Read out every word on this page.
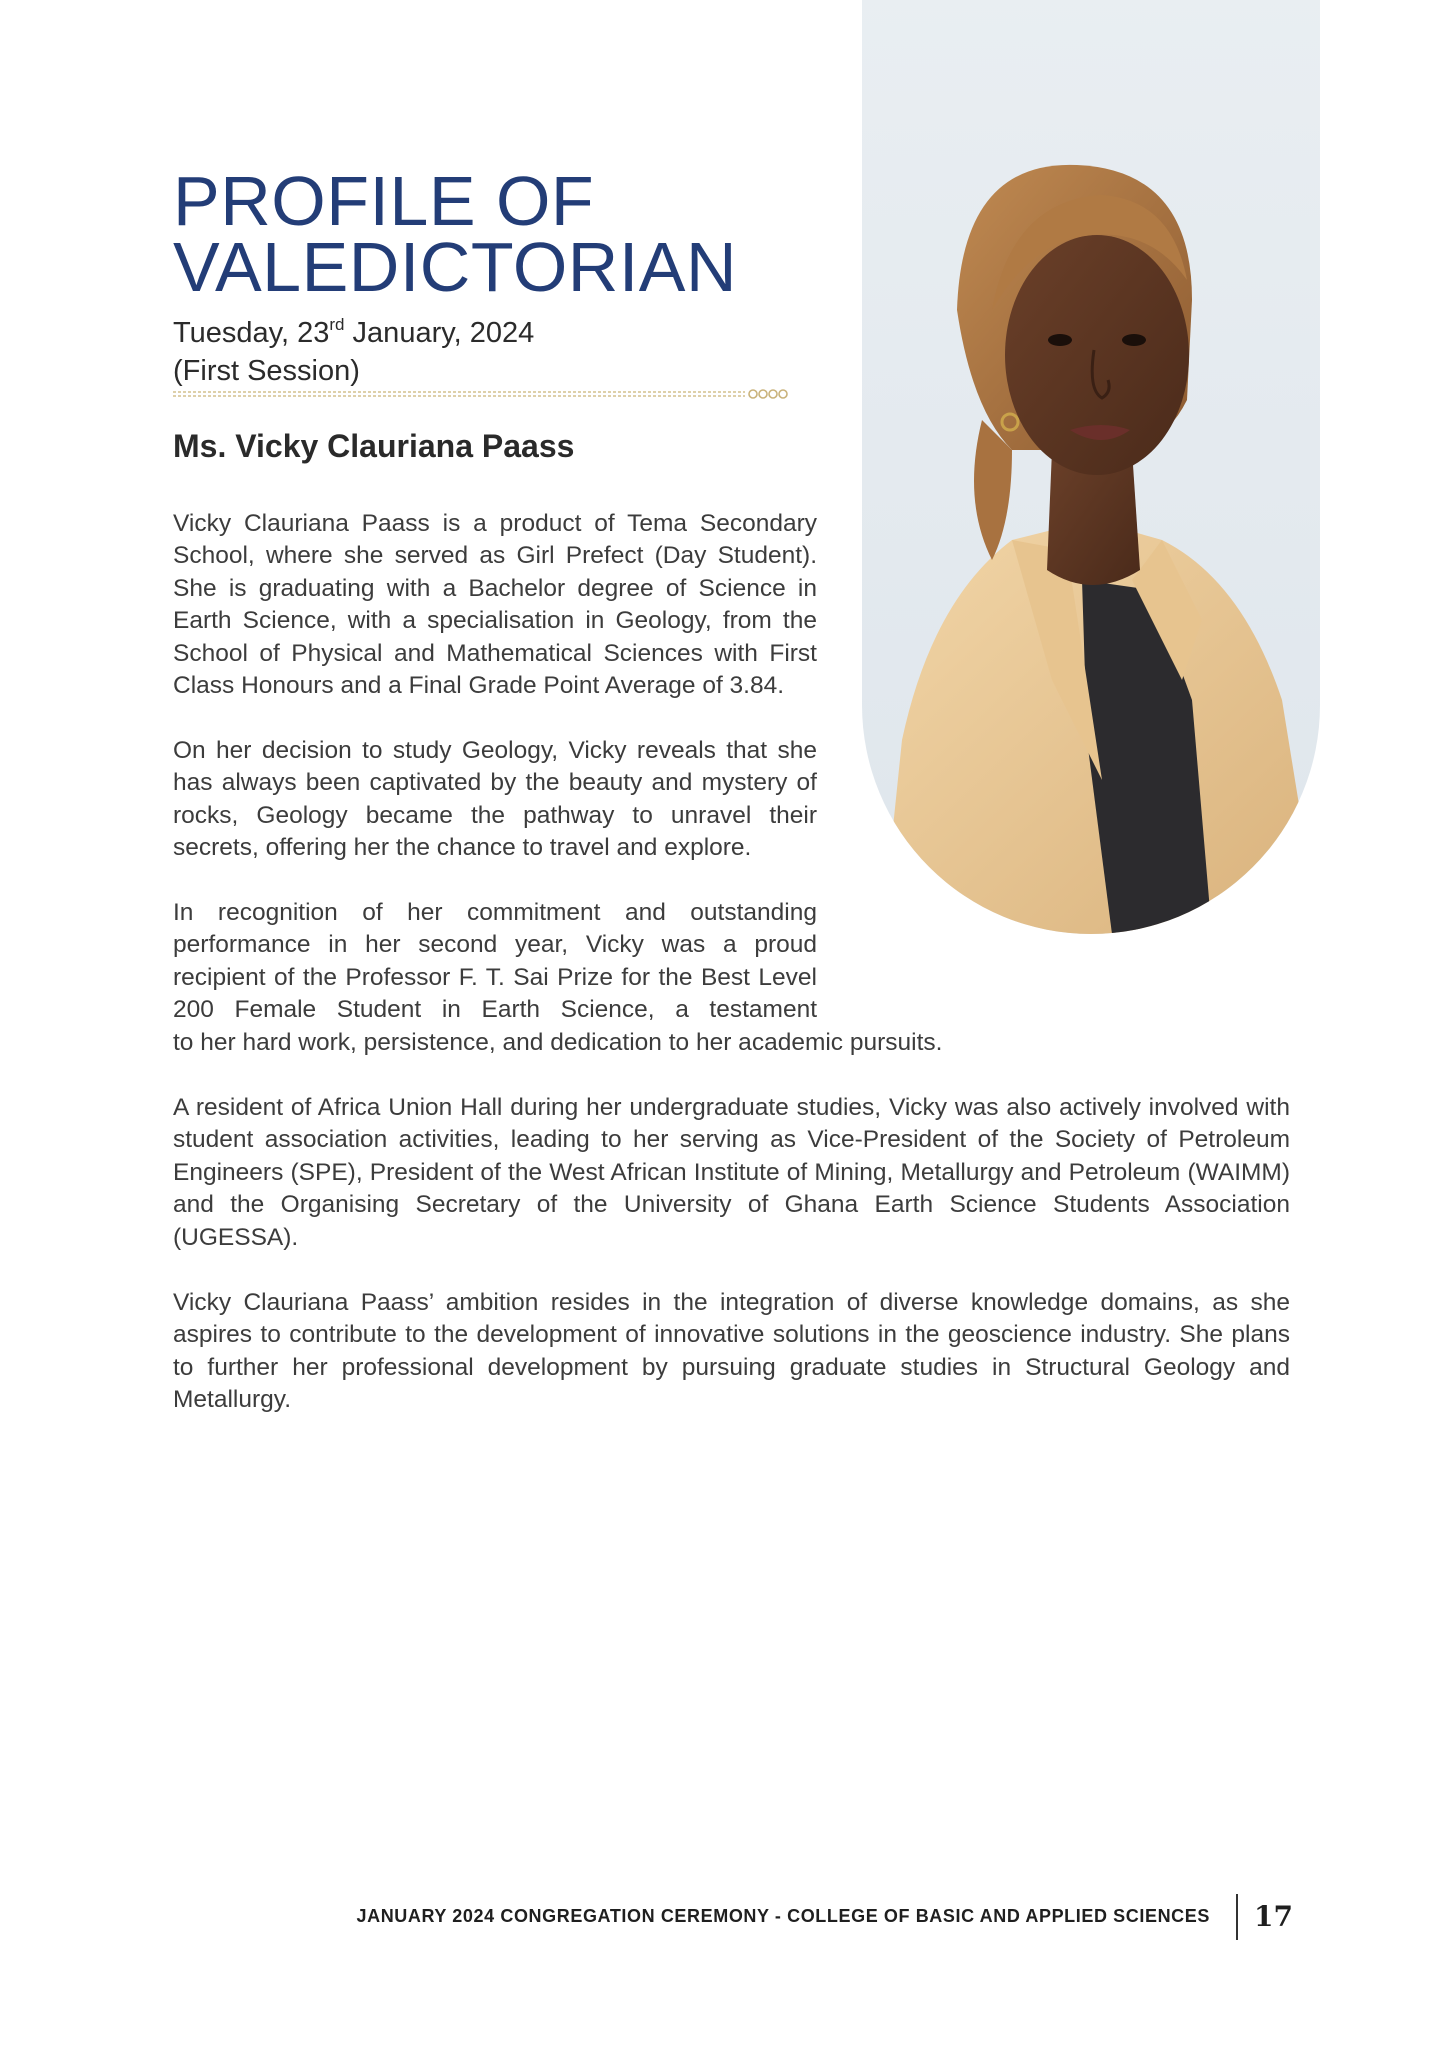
PROFILE OF
VALEDICTORIAN
Tuesday, 23rd January, 2024
(First Session)
Ms. Vicky Clauriana Paass

Vicky Clauriana Paass is a product of Tema Secondary School, where she served as Girl Prefect (Day Student). She is graduating with a Bachelor degree of Science in Earth Science, with a specialisation in Geology, from the School of Physical and Mathematical Sciences with First Class Honours and a Final Grade Point Average of 3.84.

On her decision to study Geology, Vicky reveals that she has always been captivated by the beauty and mystery of rocks, Geology became the pathway to unravel their secrets, offering her the chance to travel and explore.

In recognition of her commitment and outstanding performance in her second year, Vicky was a proud recipient of the Professor F. T. Sai Prize for the Best Level 200 Female Student in Earth Science, a testament
to her hard work, persistence, and dedication to her academic pursuits.

A resident of Africa Union Hall during her undergraduate studies, Vicky was also actively involved with student association activities, leading to her serving as Vice-President of the Society of Petroleum Engineers (SPE), President of the West African Institute of Mining, Metallurgy and Petroleum (WAIMM) and the Organising Secretary of the University of Ghana Earth Science Students Association (UGESSA).

Vicky Clauriana Paass’ ambition resides in the integration of diverse knowledge domains, as she aspires to contribute to the development of innovative solutions in the geoscience industry. She plans to further her professional development by pursuing graduate studies in Structural Geology and Metallurgy.

JANUARY 2024 CONGREGATION CEREMONY - COLLEGE OF BASIC AND APPLIED SCIENCES 17
